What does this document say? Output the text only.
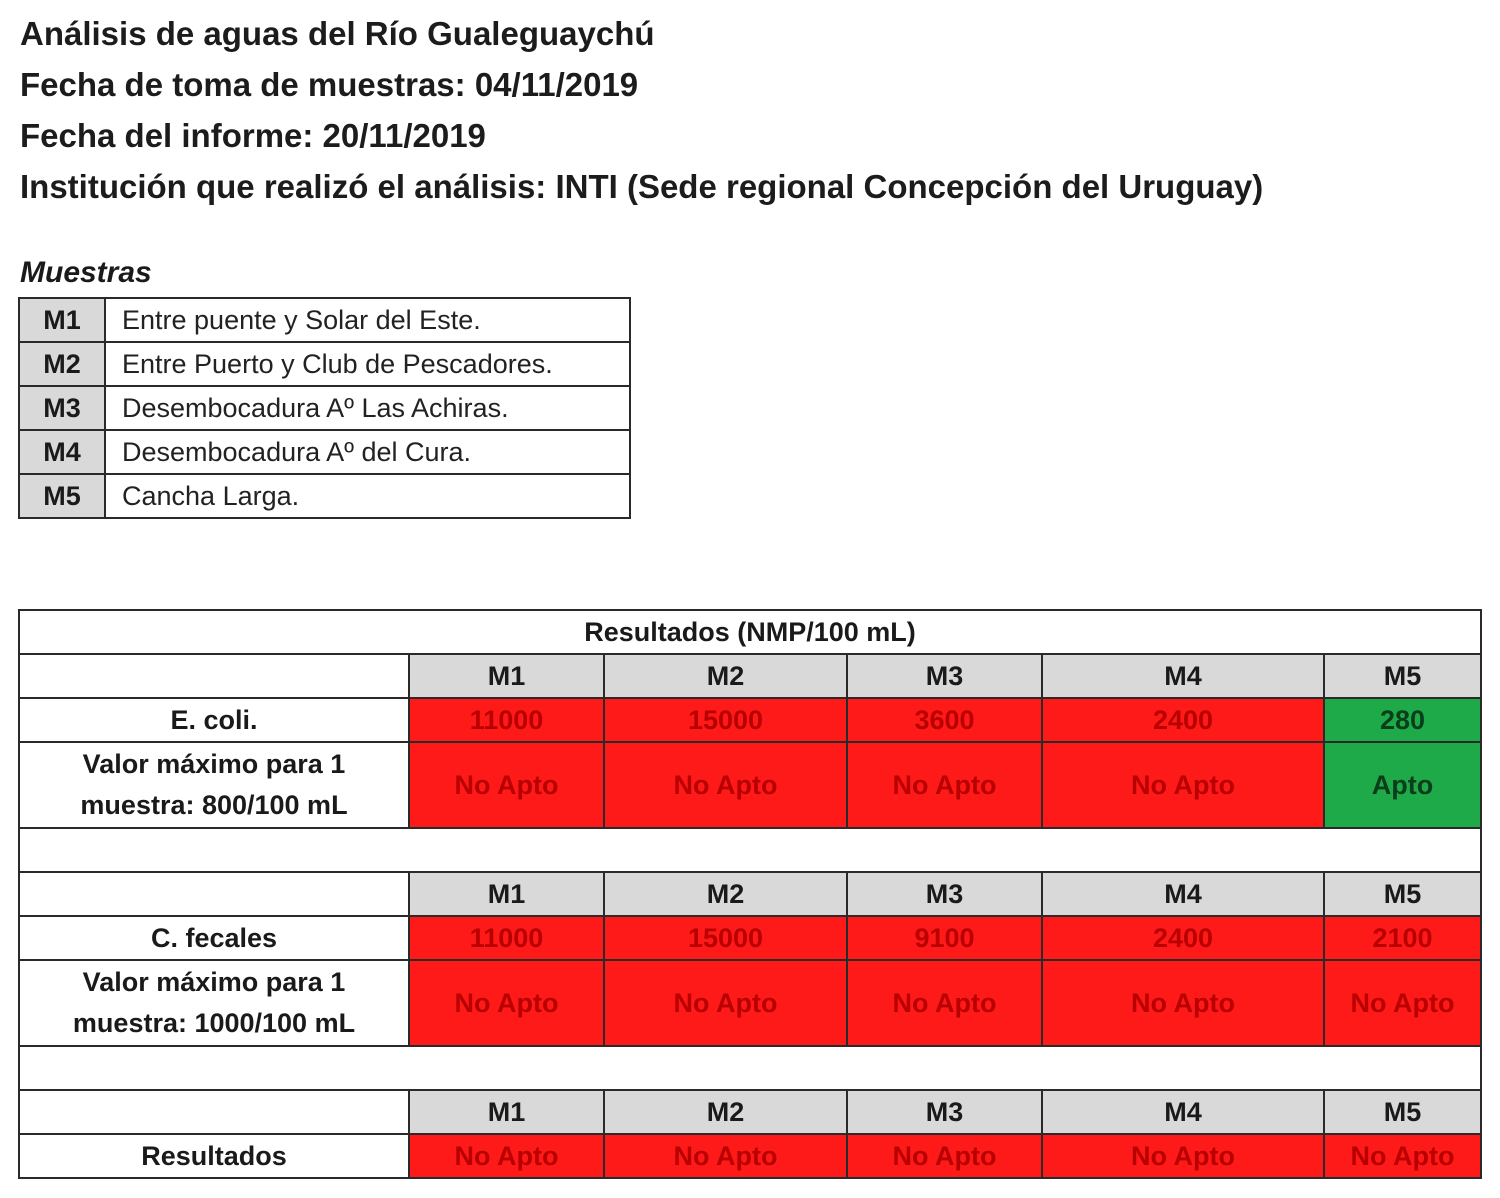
Análisis de aguas del Río Gualeguaychú
Fecha de toma de muestras: 04/11/2019
Fecha del informe: 20/11/2019
Institución que realizó el análisis: INTI (Sede regional Concepción del Uruguay)
Muestras
M1	Entre puente y Solar del Este.
M2	Entre Puerto y Club de Pescadores.
M3	Desembocadura Aº Las Achiras.
M4	Desembocadura Aº del Cura.
M5	Cancha Larga.
Resultados (NMP/100 mL)					
	M1	M2	M3	M4	M5
E. coli.	11000	15000	3600	2400	280

Valor máximo para 1
muestra: 800/100 mL	No Apto	No Apto	No Apto	No Apto	Apto

	M1	M2	M3	M4	M5
C. fecales	11000	15000	9100	2400	2100

Valor máximo para 1
muestra: 1000/100 mL	No Apto	No Apto	No Apto	No Apto	No Apto

	M1	M2	M3	M4	M5
Resultados	No Apto	No Apto	No Apto	No Apto	No Apto
